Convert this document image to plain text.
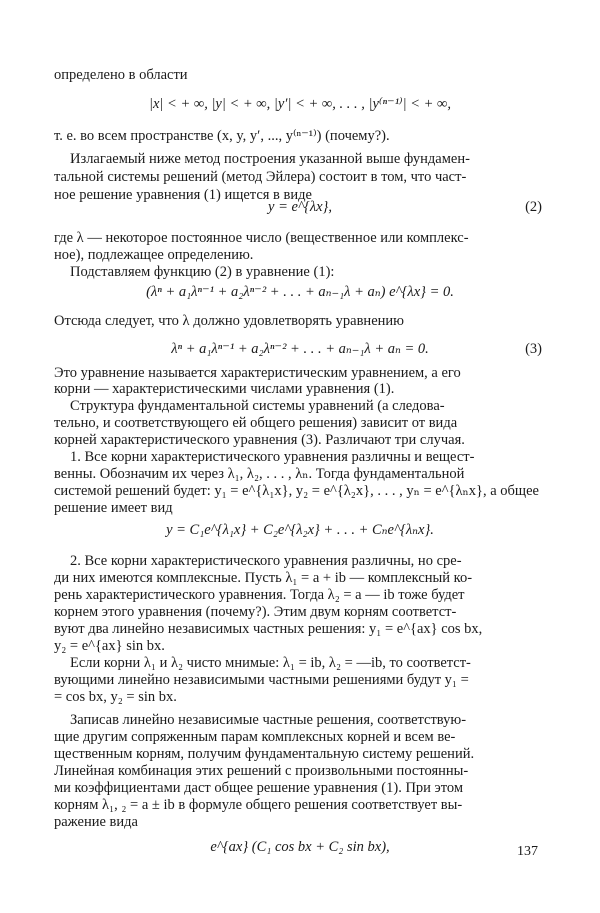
определено в области
|x| < + ∞, |y| < + ∞, |y′| < + ∞, . . . , |y⁽ⁿ⁻¹⁾| < + ∞,
т. е. во всем пространстве (x, y, y′, ..., y⁽ⁿ⁻¹⁾) (почему?).
Излагаемый ниже метод построения указанной выше фундамен-
тальной системы решений (метод Эйлера) состоит в том, что част-
ное решение уравнения (1) ищется в виде
y = e^{λx},	(2)
где λ — некоторое постоянное число (вещественное или комплекс-
ное), подлежащее определению.
Подставляем функцию (2) в уравнение (1):
(λⁿ + a₁λⁿ⁻¹ + a₂λⁿ⁻² + . . . + aₙ₋₁λ + aₙ) e^{λx} = 0.
Отсюда следует, что λ должно удовлетворять уравнению
λⁿ + a₁λⁿ⁻¹ + a₂λⁿ⁻² + . . . + aₙ₋₁λ + aₙ = 0.	(3)
Это уравнение называется характеристическим уравнением, а его
корни — характеристическими числами уравнения (1).
Структура фундаментальной системы уравнений (а следова-
тельно, и соответствующего ей общего решения) зависит от вида
корней характеристического уравнения (3). Различают три случая.
1. Все корни характеристического уравнения различны и вещест-
венны. Обозначим их через λ₁, λ₂, . . . , λₙ. Тогда фундаментальной
системой решений будет: y₁ = e^{λ₁x}, y₂ = e^{λ₂x}, . . . , yₙ = e^{λₙx}, а общее
решение имеет вид
y = C₁e^{λ₁x} + C₂e^{λ₂x} + . . . + Cₙe^{λₙx}.
2. Все корни характеристического уравнения различны, но сре-
ди них имеются комплексные. Пусть λ₁ = a + ib — комплексный ко-
рень характеристического уравнения. Тогда λ₂ = a — ib тоже будет
корнем этого уравнения (почему?). Этим двум корням соответст-
вуют два линейно независимых частных решения: y₁ = e^{ax} cos bx,
y₂ = e^{ax} sin bx.
Если корни λ₁ и λ₂ чисто мнимые: λ₁ = ib, λ₂ = —ib, то соответст-
вующими линейно независимыми частными решениями будут y₁ =
= cos bx, y₂ = sin bx.
Записав линейно независимые частные решения, соответствую-
щие другим сопряженным парам комплексных корней и всем ве-
щественным корням, получим фундаментальную систему решений.
Линейная комбинация этих решений с произвольными постоянны-
ми коэффициентами даст общее решение уравнения (1). При этом
корням λ₁, ₂ = a ± ib в формуле общего решения соответствует вы-
ражение вида
e^{ax} (C₁ cos bx + C₂ sin bx),	137
